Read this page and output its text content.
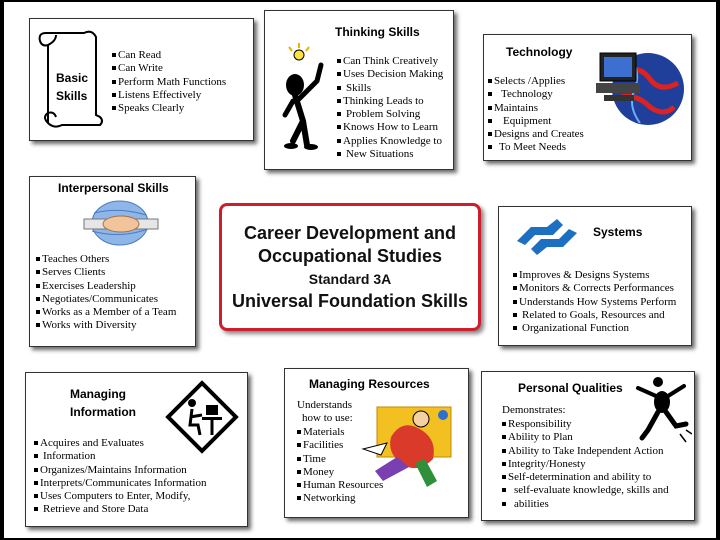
Basic
Skills
Can Read
Can Write
Perform Math Functions
Listens Effectively
Speaks Clearly
Thinking Skills
Can Think Creatively
Uses Decision Making
Skills
Thinking Leads to
Problem Solving
Knows How to Learn
Applies Knowledge to
New Situations
Technology
Selects /Applies
Technology
Maintains
Equipment
Designs and Creates
To Meet Needs
Interpersonal Skills
Teaches Others
Serves Clients
Exercises Leadership
Negotiates/Communicates
Works as a Member of a Team
Works with Diversity
Career Development and
Occupational Studies
Standard 3A
Universal Foundation Skills
Systems
Improves & Designs Systems
Monitors & Corrects Performances
Understands How Systems Perform
Related to Goals, Resources and
Organizational Function
Managing
Information
Acquires and Evaluates
Information
Organizes/Maintains Information
Interprets/Communicates Information
Uses Computers to Enter, Modify,
Retrieve and Store Data
Managing Resources
Understands
how to use:
Materials
Facilities
Time
Money
Human Resources
Networking
Personal Qualities
Demonstrates:
Responsibility
Ability to Plan
Ability to Take Independent Action
Integrity/Honesty
Self-determination and ability to
self-evaluate knowledge, skills and
abilities
